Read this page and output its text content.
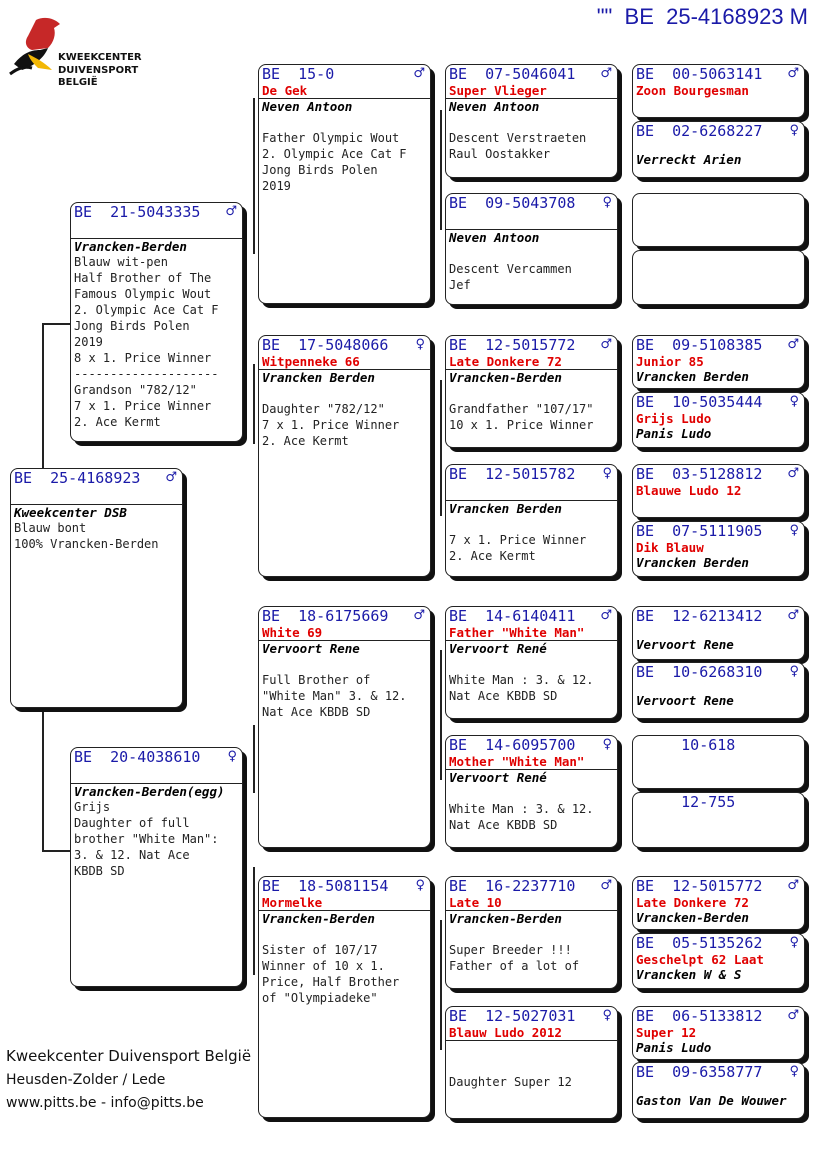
KWEEKCENTER
DUIVENSPORT BELGIË
""  BE  25-4168923 M
BE  25-4168923 ♂
Kweekcenter DSB
Blauw bont
100% Vrancken-Berden
BE  21-5043335 ♂
Vrancken-Berden
Blauw wit-pen
Half Brother of The
Famous Olympic Wout
2. Olympic Ace Cat F
Jong Birds Polen
2019
8 x 1. Price Winner
--------------------
Grandson "782/12"
7 x 1. Price Winner
2. Ace Kermt
BE  20-4038610 ♀
Vrancken-Berden(egg)
Grijs
Daughter of full
brother "White Man":
3. & 12. Nat Ace
KBDB SD
BE  15-0	♂
De Gek
Neven Antoon
Father Olympic Wout
2. Olympic Ace Cat F
Jong Birds Polen
2019
BE  17-5048066 ♀
Witpenneke 66
Vrancken Berden
Daughter "782/12"
7 x 1. Price Winner
2. Ace Kermt
BE  18-6175669 ♂
White 69
Vervoort Rene
Full Brother of
"White Man" 3. & 12.
Nat Ace KBDB SD
BE  18-5081154 ♀
Mormelke
Vrancken-Berden
Sister of 107/17
Winner of 10 x 1.
Price, Half Brother
of "Olympiadeke"
BE  07-5046041 ♂
Super Vlieger
Neven Antoon
Descent Verstraeten
Raul Oostakker
BE  09-5043708 ♀
Neven Antoon
Descent Vercammen
Jef
BE  12-5015772 ♂
Late Donkere 72
Vrancken-Berden
Grandfather "107/17"
10 x 1. Price Winner
BE  12-5015782 ♀
Vrancken Berden
7 x 1. Price Winner
2. Ace Kermt
BE  14-6140411 ♂
Father "White Man"
Vervoort René
White Man : 3. & 12.
Nat Ace KBDB SD
BE  14-6095700 ♀
Mother "White Man"
Vervoort René
White Man : 3. & 12.
Nat Ace KBDB SD
BE  16-2237710 ♂
Late 10
Vrancken-Berden
Super Breeder !!!
Father of a lot of
BE  12-5027031 ♀
Blauw Ludo 2012
Daughter Super 12
BE  00-5063141 ♂
Zoon Bourgesman
BE  02-6268227 ♀
Verreckt Arien
BE  09-5108385 ♂
Junior 85
Vrancken Berden
BE  10-5035444 ♀
Grijs Ludo
Panis Ludo
BE  03-5128812 ♂
Blauwe Ludo 12
BE  07-5111905 ♀
Dik Blauw
Vrancken Berden
BE  12-6213412 ♂
Vervoort Rene
BE  10-6268310 ♀
Vervoort Rene
10-618
12-755
BE  12-5015772 ♂
Late Donkere 72
Vrancken-Berden
BE  05-5135262 ♀
Geschelpt 62 Laat
Vrancken W & S
BE  06-5133812 ♂
Super 12
Panis Ludo
BE  09-6358777 ♀
Gaston Van De Wouwer
Kweekcenter Duivensport België
Heusden-Zolder / Lede
www.pitts.be - info@pitts.be
